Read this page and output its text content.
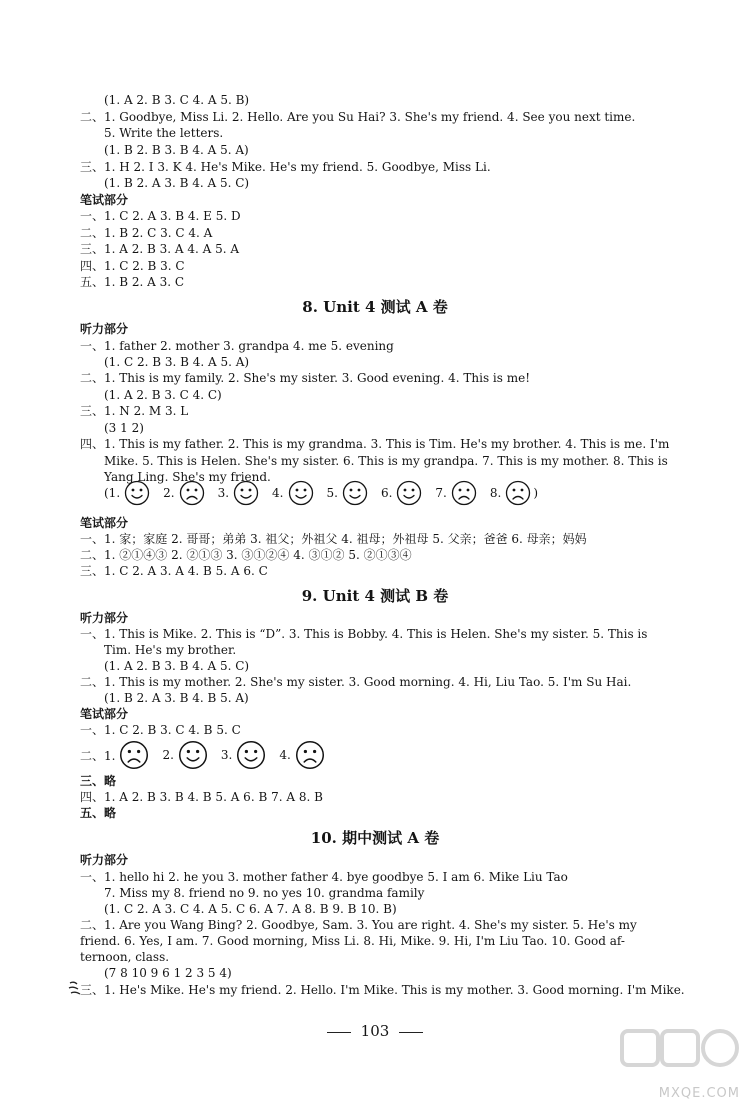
(1. A 2. B 3. C 4. A 5. B)
二、1. Goodbye, Miss Li. 2. Hello. Are you Su Hai? 3. She's my friend. 4. See you next time.
5. Write the letters.
(1. B 2. B 3. B 4. A 5. A)
三、1. H 2. I 3. K 4. He's Mike. He's my friend. 5. Goodbye, Miss Li.
(1. B 2. A 3. B 4. A 5. C)
笔试部分
一、1. C 2. A 3. B 4. E 5. D
二、1. B 2. C 3. C 4. A
三、1. A 2. B 3. A 4. A 5. A
四、1. C 2. B 3. C
五、1. B 2. A 3. C
8. Unit 4 测试 A 卷
听力部分
一、1. father 2. mother 3. grandpa 4. me 5. evening
(1. C 2. B 3. B 4. A 5. A)
二、1. This is my family. 2. She's my sister. 3. Good evening. 4. This is me!
(1. A 2. B 3. C 4. C)
三、1. N 2. M 3. L
(3 1 2)
四、1. This is my father. 2. This is my grandma. 3. This is Tim. He's my brother. 4. This is me. I'm
Mike. 5. This is Helen. She's my sister. 6. This is my grandpa. 7. This is my mother. 8. This is
Yang Ling. She's my friend.
(1.	2.	3.	4.	5.	6.	7.	8.	)
笔试部分
一、1. 家；家庭 2. 哥哥；弟弟 3. 祖父；外祖父 4. 祖母；外祖母 5. 父亲；爸爸 6. 母亲；妈妈
二、1. ②①④③ 2. ②①③ 3. ③①②④ 4. ③①② 5. ②①③④
三、1. C 2. A 3. A 4. B 5. A 6. C
9. Unit 4 测试 B 卷
听力部分
一、1. This is Mike. 2. This is “D”. 3. This is Bobby. 4. This is Helen. She's my sister. 5. This is
Tim. He's my brother.
(1. A 2. B 3. B 4. A 5. C)
二、1. This is my mother. 2. She's my sister. 3. Good morning. 4. Hi, Liu Tao. 5. I'm Su Hai.
(1. B 2. A 3. B 4. B 5. A)
笔试部分
一、1. C 2. B 3. C 4. B 5. C
二、1.	2.	3.	4.
三、略
四、1. A 2. B 3. B 4. B 5. A 6. B 7. A 8. B
五、略
10. 期中测试 A 卷
听力部分
一、1. hello hi 2. he you 3. mother father 4. bye goodbye 5. I am 6. Mike Liu Tao
7. Miss my 8. friend no 9. no yes 10. grandma family
(1. C 2. A 3. C 4. A 5. C 6. A 7. A 8. B 9. B 10. B)
二、1. Are you Wang Bing? 2. Goodbye, Sam. 3. You are right. 4. She's my sister. 5. He's my
friend. 6. Yes, I am. 7. Good morning, Miss Li. 8. Hi, Mike. 9. Hi, I'm Liu Tao. 10. Good af-
ternoon, class.
(7 8 10 9 6 1 2 3 5 4)
三、1. He's Mike. He's my friend. 2. Hello. I'm Mike. This is my mother. 3. Good morning. I'm Mike.
103
MXQE.COM
